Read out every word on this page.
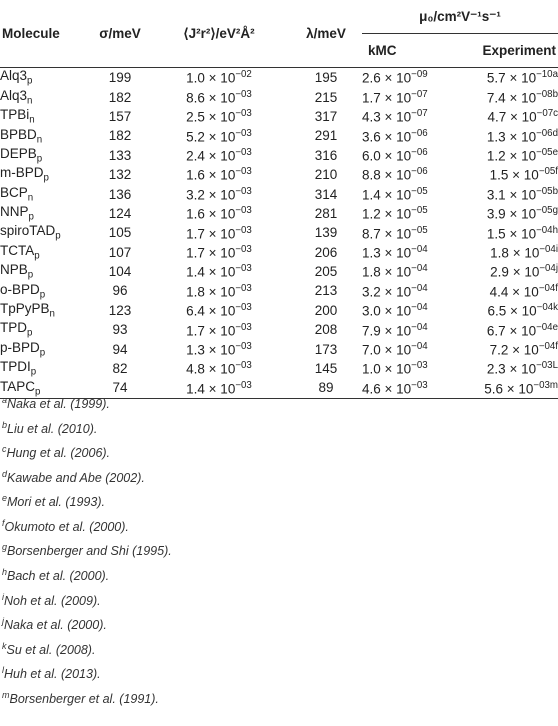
Molecule	σ/meV	⟨J²r²⟩/eV²Å²	λ/meV	μ₀/cm²V⁻¹s⁻¹	
				kMC	Experiment
$Alq3_p$	199	$1.0 \times 10^{-02}$	195	$2.6 \times 10^{-09}$	$5.7 \times 10^{-10a}$
$Alq3_n$	182	$8.6 \times 10^{-03}$	215	$1.7 \times 10^{-07}$	$7.4 \times 10^{-08b}$
TPBi$_n$	157	$2.5 \times 10^{-03}$	317	$4.3 \times 10^{-07}$	$4.7 \times 10^{-07c}$
$BPBD_n$	182	$5.2 \times 10^{-03}$	291	$3.6 \times 10^{-06}$	$1.3 \times 10^{-06d}$
$DEPB_p$	133	$2.4 \times 10^{-03}$	316	$6.0 \times 10^{-06}$	$1.2 \times 10^{-05e}$
$m-BPD_p$	132	$1.6 \times 10^{-03}$	210	$8.8 \times 10^{-06}$	$1.5 \times 10^{-05f}$
$BCP_n$	136	$3.2 \times 10^{-03}$	314	$1.4 \times 10^{-05}$	$3.1 \times 10^{-05b}$
$NNP_p$	124	$1.6 \times 10^{-03}$	281	$1.2 \times 10^{-05}$	$3.9 \times 10^{-05g}$
spiroTAD$_p$	105	$1.7 \times 10^{-03}$	139	$8.7 \times 10^{-05}$	$1.5 \times 10^{-04h}$
$TCTA_p$	107	$1.7 \times 10^{-03}$	206	$1.3 \times 10^{-04}$	$1.8 \times 10^{-04i}$
$NPB_p$	104	$1.4 \times 10^{-03}$	205	$1.8 \times 10^{-04}$	$2.9 \times 10^{-04j}$
$o-BPD_p$	96	$1.8 \times 10^{-03}$	213	$3.2 \times 10^{-04}$	$4.4 \times 10^{-04f}$
TpPyPB$_n$	123	$6.4 \times 10^{-03}$	200	$3.0 \times 10^{-04}$	$6.5 \times 10^{-04k}$
$TPD_p$	93	$1.7 \times 10^{-03}$	208	$7.9 \times 10^{-04}$	$6.7 \times 10^{-04e}$
$p-BPD_p$	94	$1.3 \times 10^{-03}$	173	$7.0 \times 10^{-04}$	$7.2 \times 10^{-04f}$
$TPDI_p$	82	$4.8 \times 10^{-03}$	145	$1.0 \times 10^{-03}$	$2.3 \times 10^{-03L}$
$TAPC_p$	74	$1.4 \times 10^{-03}$	89	$4.6 \times 10^{-03}$	$5.6 \times 10^{-03m}$
$^a$Naka et al. (1999).
$^b$Liu et al. (2010).
$^c$Hung et al. (2006).
$^d$Kawabe and Abe (2002).
$^e$Mori et al. (1993).
$^f$Okumoto et al. (2000).
$^g$Borsenberger and Shi (1995).
$^h$Bach et al. (2000).
$^i$Noh et al. (2009).
$^j$Naka et al. (2000).
$^k$Su et al. (2008).
$^l$Huh et al. (2013).
$^m$Borsenberger et al. (1991).
